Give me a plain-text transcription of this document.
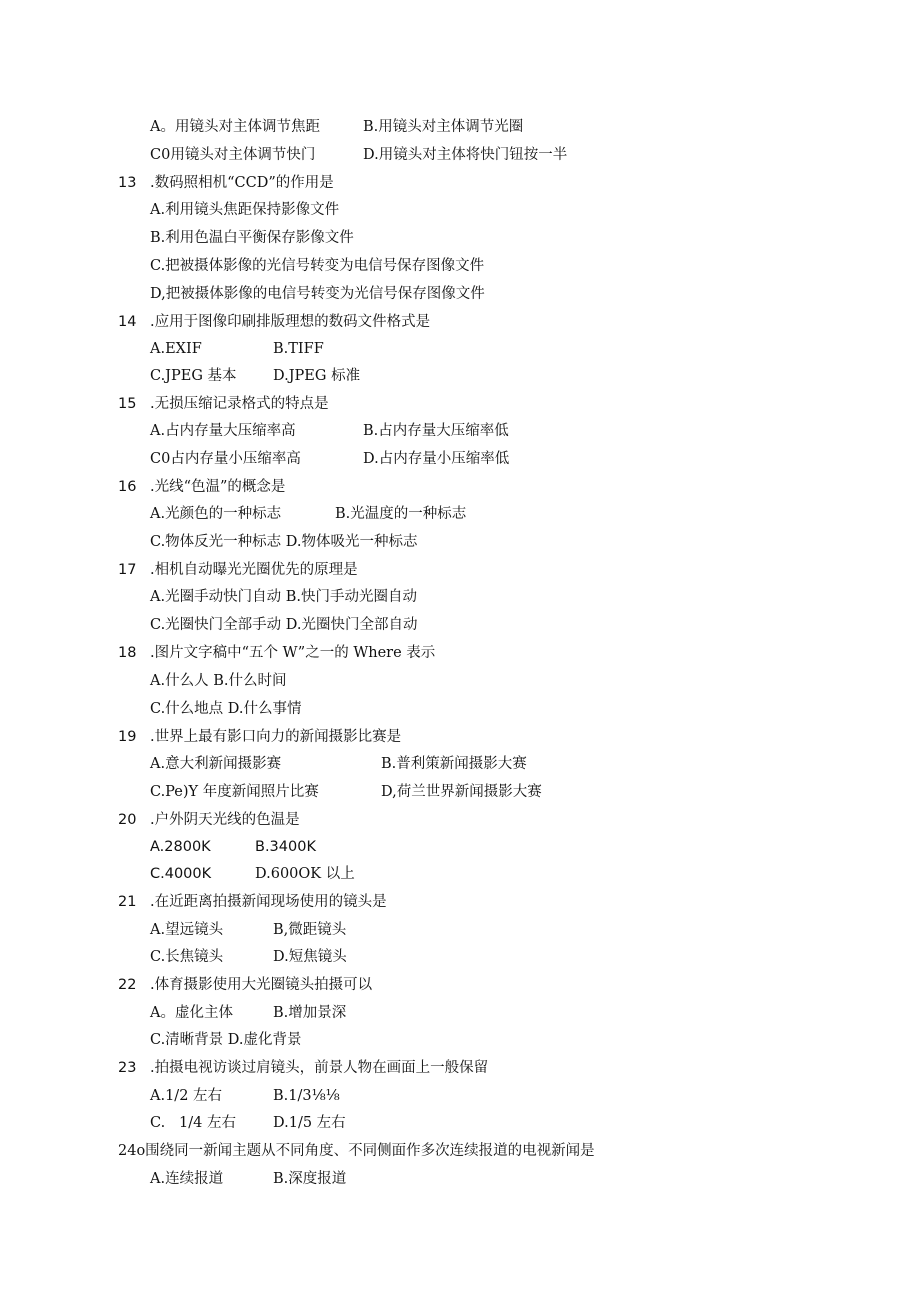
A。用镜头对主体调节焦距	B.用镜头对主体调节光圈
C0用镜头对主体调节快门	D.用镜头对主体将快门钮按一半
13 .数码照相机“CCD”的作用是
A.利用镜头焦距保持影像文件
B.利用色温白平衡保存影像文件
C.把被摄体影像的光信号转变为电信号保存图像文件
D,把被摄体影像的电信号转变为光信号保存图像文件
14 .应用于图像印刷排版理想的数码文件格式是
A.EXIF	B.TIFF
C.JPEG 基本	D.JPEG 标准
15 .无损压缩记录格式的特点是
A.占内存量大压缩率高	B.占内存量大压缩率低
C0占内存量小压缩率高	D.占内存量小压缩率低
16 .光线“色温”的概念是
A.光颜色的一种标志	B.光温度的一种标志
C.物体反光一种标志 D.物体吸光一种标志
17 .相机自动曝光光圈优先的原理是
A.光圈手动快门自动 B.快门手动光圈自动
C.光圈快门全部手动 D.光圈快门全部自动
18 .图片文字稿中“五个 W”之一的 Where 表示
A.什么人 B.什么时间
C.什么地点 D.什么事情
19 .世界上最有影口向力的新闻摄影比赛是
A.意大利新闻摄影赛	B.普利策新闻摄影大赛
C.Pe)Y 年度新闻照片比赛	D,荷兰世界新闻摄影大赛
20 .户外阴天光线的色温是
A.2800K	B.3400K
C.4000K	D.600OK 以上
21 .在近距离拍摄新闻现场使用的镜头是
A.望远镜头	B,微距镜头
C.长焦镜头	D.短焦镜头
22 .体育摄影使用大光圈镜头拍摄可以
A。虚化主体	B.增加景深
C.清晰背景 D.虚化背景
23 .拍摄电视访谈过肩镜头，前景人物在画面上一般保留
A.1/2 左右	B.1/3⅛⅛
C.   1/4 左右	D.1/5 左右
24o围绕同一新闻主题从不同角度、不同侧面作多次连续报道的电视新闻是
A.连续报道	B.深度报道
